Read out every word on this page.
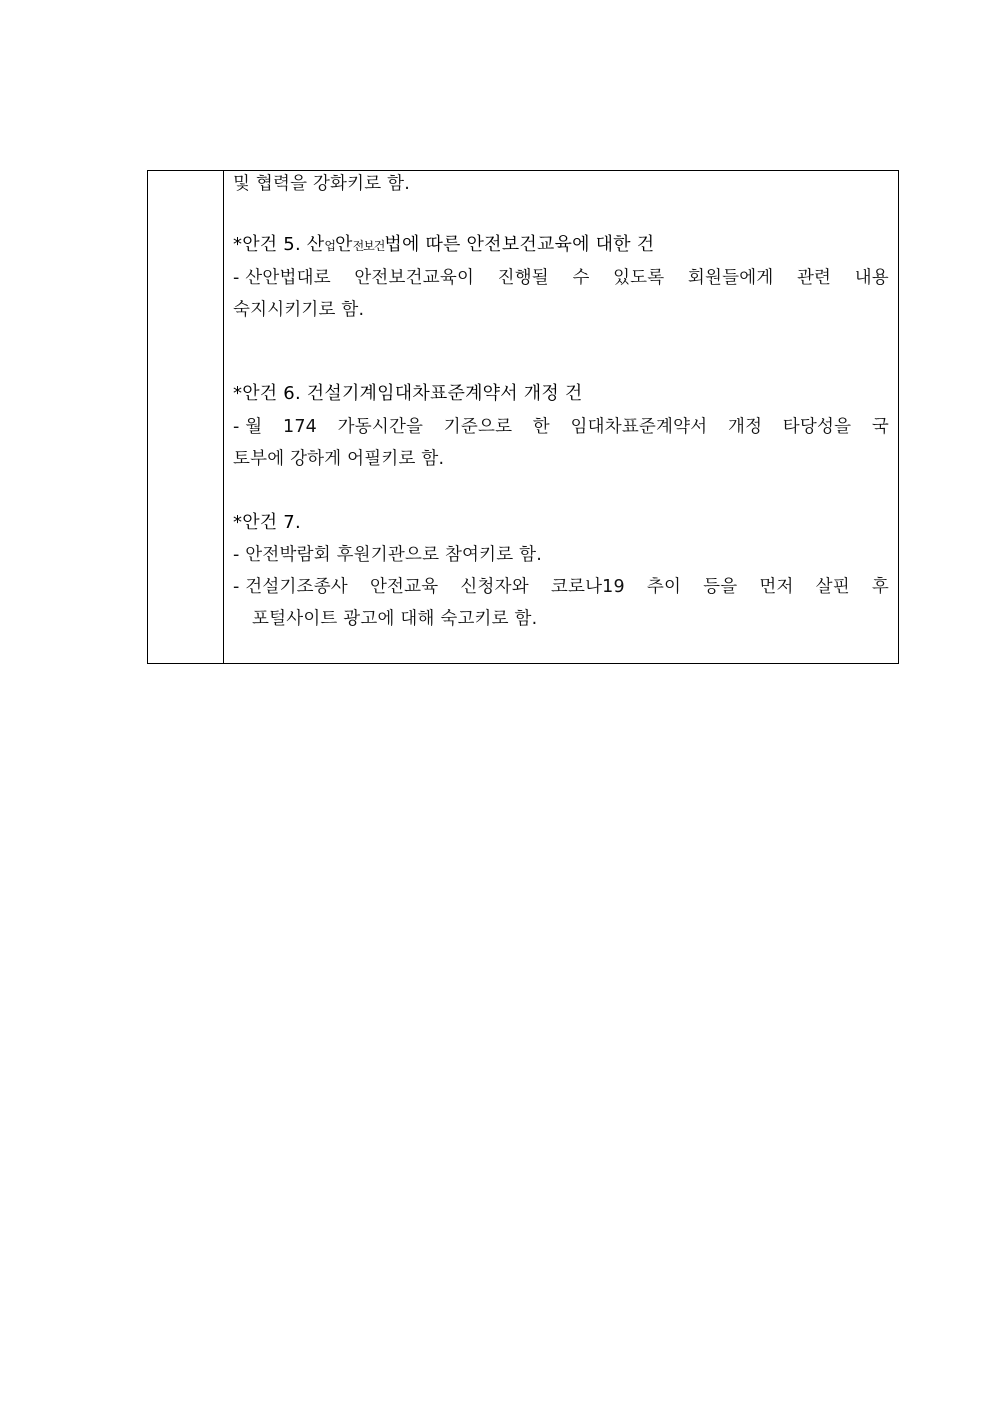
및 협력을 강화키로 함.
*안건 5. 산업안전보건법에 따른 안전보건교육에 대한 건
- 산안법대로 안전보건교육이 진행될 수 있도록 회원들에게 관련 내용
숙지시키기로 함.
*안건 6. 건설기계임대차표준계약서 개정 건
- 월 174 가동시간을 기준으로 한 임대차표준계약서 개정 타당성을 국
토부에 강하게 어필키로 함.
*안건 7.
- 안전박람회 후원기관으로 참여키로 함.
- 건설기조종사 안전교육 신청자와 코로나19 추이 등을 먼저 살핀 후
포털사이트 광고에 대해 숙고키로 함.
